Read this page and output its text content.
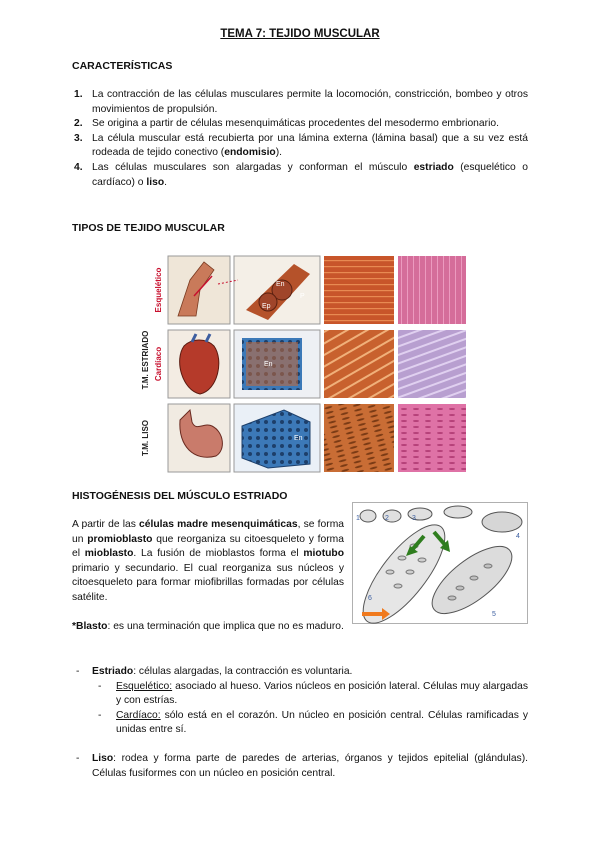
TEMA 7: TEJIDO MUSCULAR
CARACTERÍSTICAS
1. La contracción de las células musculares permite la locomoción, constricción, bombeo y otros movimientos de propulsión.
2. Se origina a partir de células mesenquimáticas procedentes del mesodermo embrionario.
3. La célula muscular está recubierta por una lámina externa (lámina basal) que a su vez está rodeada de tejido conectivo (endomisio).
4. Las células musculares son alargadas y conforman el músculo estriado (esquelético o cardíaco) o liso.
TIPOS DE TEJIDO MUSCULAR
En
Ep
P
En
En
T.M. ESTRIADO
Esquelético
Cardíaco
T.M. LISO
HISTOGÉNESIS DEL MÚSCULO ESTRIADO
A partir de las células madre mesenquimáticas, se forma un promioblasto que reorganiza su citoesqueleto y forma el mioblasto. La fusión de mioblastos forma el miotubo primario y secundario. El cual reorganiza sus núcleos y citoesqueleto para formar miofibrillas formadas por células satélite.
*Blasto: es una terminación que implica que no es maduro.
1	2	3
4
5
6
- Estriado: células alargadas, la contracción es voluntaria.
- Esquelético: asociado al hueso. Varios núcleos en posición lateral. Células muy alargadas y con estrías.
- Cardíaco: sólo está en el corazón. Un núcleo en posición central. Células ramificadas y unidas entre sí.
- Liso: rodea y forma parte de paredes de arterias, órganos y tejidos epitelial (glándulas). Células fusiformes con un núcleo en posición central.
